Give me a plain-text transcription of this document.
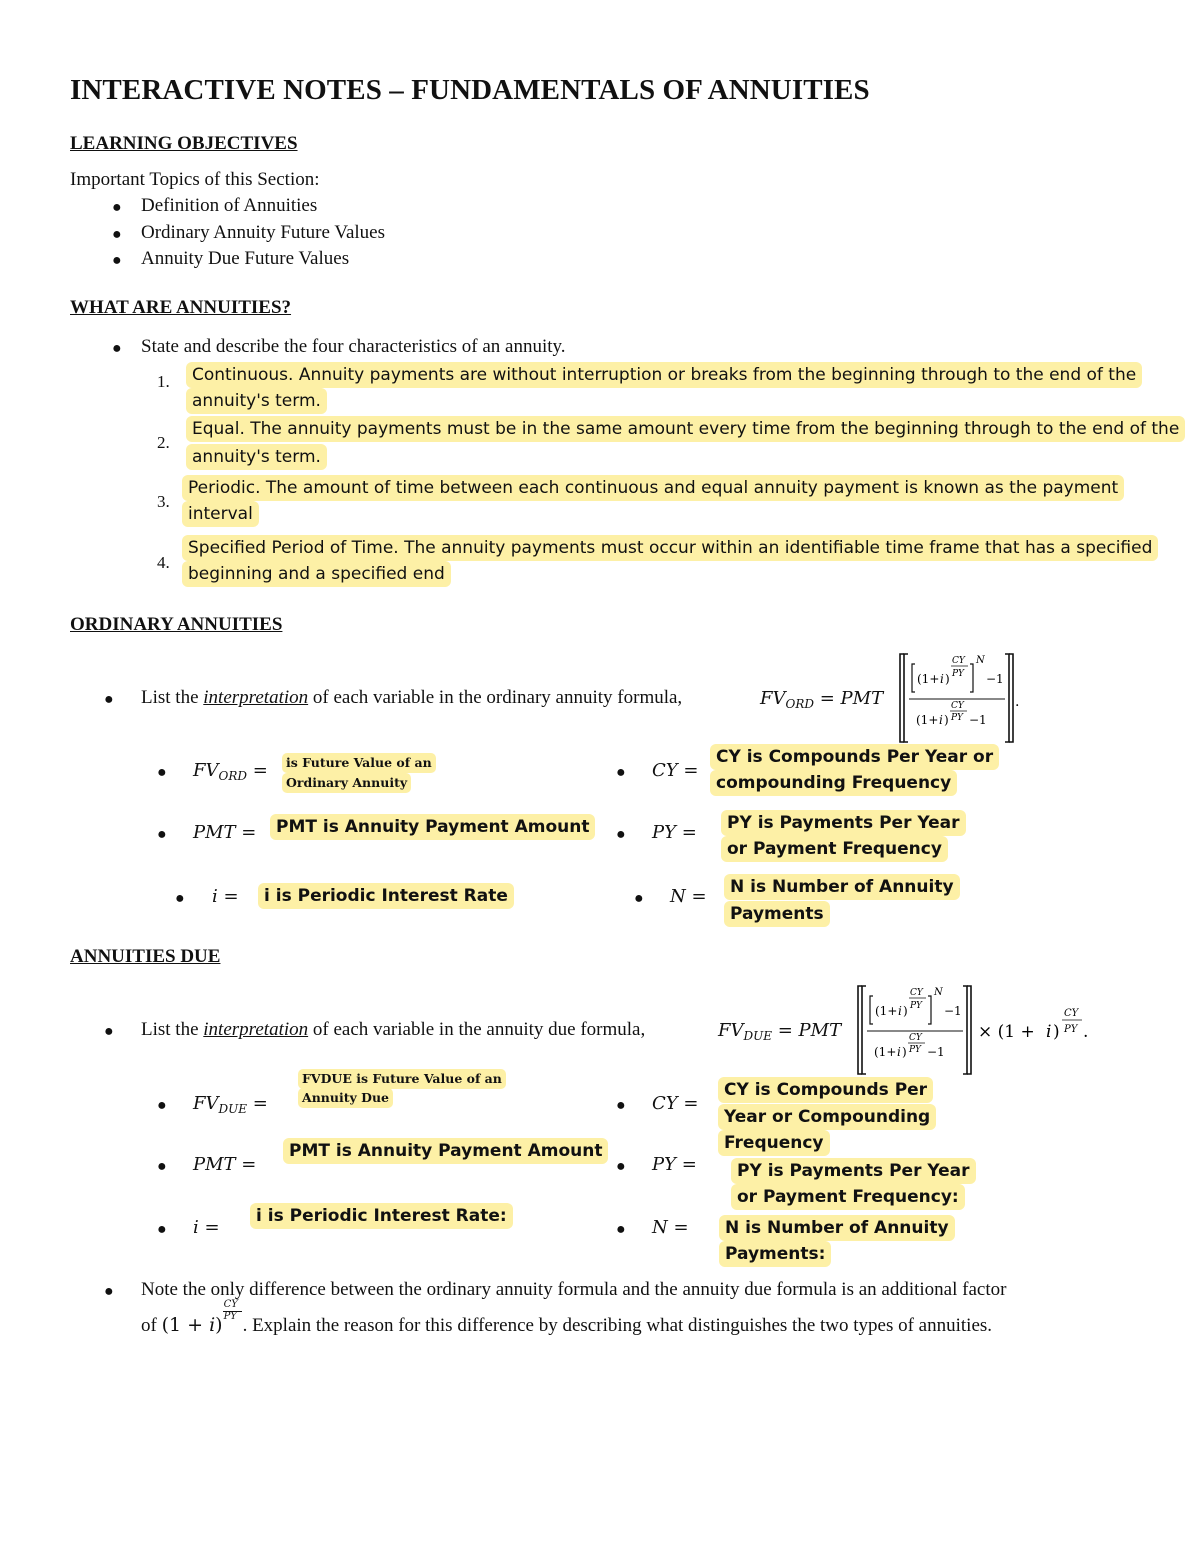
INTERACTIVE NOTES – FUNDAMENTALS OF ANNUITIES
LEARNING OBJECTIVES
Important Topics of this Section:
● Definition of Annuities
● Ordinary Annuity Future Values
● Annuity Due Future Values
WHAT ARE ANNUITIES?
● State and describe the four characteristics of an annuity.
1.	Continuous. Annuity payments are without interruption or breaks from the beginning through to the end of the
annuity's term.
2.
Equal. The annuity payments must be in the same amount every time from the beginning through to the end of the
annuity's term.
3.
Periodic. The amount of time between each continuous and equal annuity payment is known as the payment
interval
4.
Specified Period of Time. The annuity payments must occur within an identifiable time frame that has a specified
beginning and a specified end
ORDINARY ANNUITIES
● List the interpretation of each variable in the ordinary annuity formula,	$FV_{ORD}$ = PMT
(1+ i )
CY
PY
N
−1
(1+ i )
CY
PY −1
.
● $FV_{ORD}$ =	is Future Value of an
Ordinary Annuity
● PMT =	PMT is Annuity Payment Amount
● i =	i is Periodic Interest Rate
● CY =
CY is Compounds Per Year or
compounding Frequency
● PY =	PY is Payments Per Year
or Payment Frequency
● N =	N is Number of Annuity
Payments
ANNUITIES DUE
● List the interpretation of each variable in the annuity due formula,	$FV_{DUE}$ = PMT
(1+ i )
CY
PY
N
−1
(1+ i )
CY
PY −1
× (1 + i )
CY
PY .
● $FV_{DUE}$ =
FVDUE is Future Value of an
Annuity Due
● PMT =
PMT is Annuity Payment Amount
● i =
i is Periodic Interest Rate:
● CY =
CY is Compounds Per
Year or Compounding
Frequency
● PY =	PY is Payments Per Year
or Payment Frequency:
● N =	N is Number of Annuity
Payments:
● Note the only difference between the ordinary annuity formula and the annuity due formula is an additional factor
of $(1 + i) \frac{CY}{PY}$ . Explain the reason for this difference by describing what distinguishes the two types of annuities.
